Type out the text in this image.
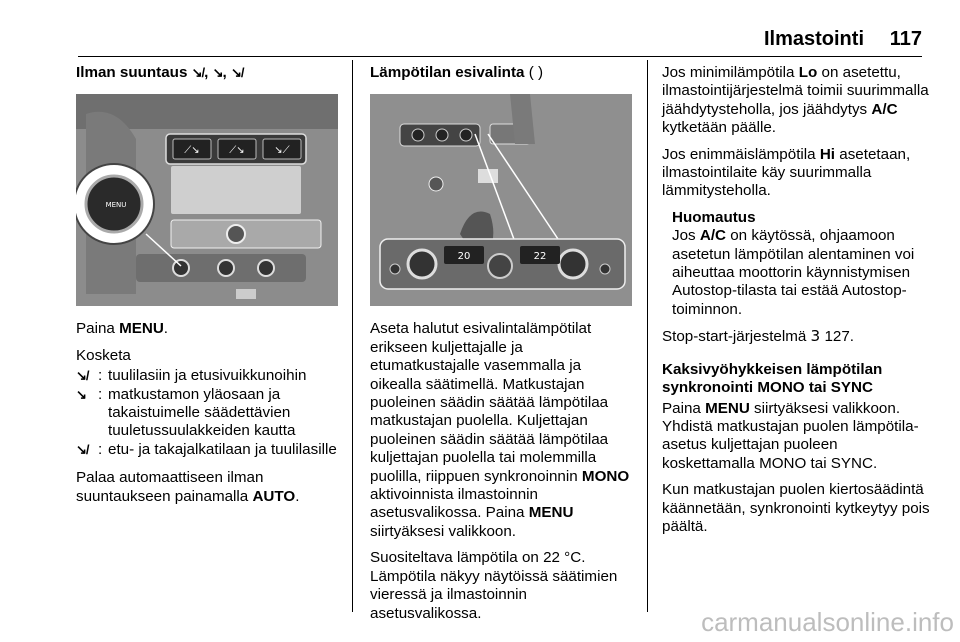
Ilmastointi 117
Ilman suuntaus ↘/, ↘, ↘/
⟋↘	⟋↘	↘⟋
MENU

Paina MENU.

Kosketa

↘/ : tuulilasiin ja etusivuikkunoihin
↘ : matkustamon yläosaan ja takaistuimelle säädettävien tuuletussuulakkeiden kautta
↘/ : etu- ja takajalkatilaan ja tuulilasille

Palaa automaattiseen ilman suuntaukseen painamalla AUTO.

Lämpötilan esivalinta ( )
20	22

Aseta halutut esivalintalämpötilat erikseen kuljettajalle ja etumatkustajalle vasemmalla ja oikealla säätimellä. Matkustajan puoleinen säädin säätää lämpötilaa matkustajan puolella. Kuljettajan puoleinen säädin säätää lämpötilaa kuljettajan puolella tai molemmilla puolilla, riippuen synkronoinnin MONO aktivoinnista ilmastoinnin asetusvalikossa. Paina MENU siirtyäksesi valikkoon.

Suositeltava lämpötila on 22 °C. Lämpötila näkyy näytöissä säätimien vieressä ja ilmastoinnin asetusvalikossa.

Jos minimilämpötila Lo on asetettu, ilmastointijärjestelmä toimii suurimmalla jäähdytysteholla, jos jäähdytys A/C kytketään päälle.

Jos enimmäislämpötila Hi asetetaan, ilmastointilaite käy suurimmalla lämmitysteholla.

Huomautus
Jos A/C on käytössä, ohjaamoon asetetun lämpötilan alentaminen voi aiheuttaa moottorin käynnistymisen Autostop-tilasta tai estää Autostop-toiminnon.

Stop-start-järjestelmä 3 127.

Kaksivyöhykkeisen lämpötilan synkronointi MONO tai SYNC

Paina MENU siirtyäksesi valikkoon. Yhdistä matkustajan puolen lämpötila-asetus kuljettajan puoleen koskettamalla MONO tai SYNC.

Kun matkustajan puolen kiertosäädintä käännetään, synkronointi kytkeytyy pois päältä.

carmanualsonline.info
